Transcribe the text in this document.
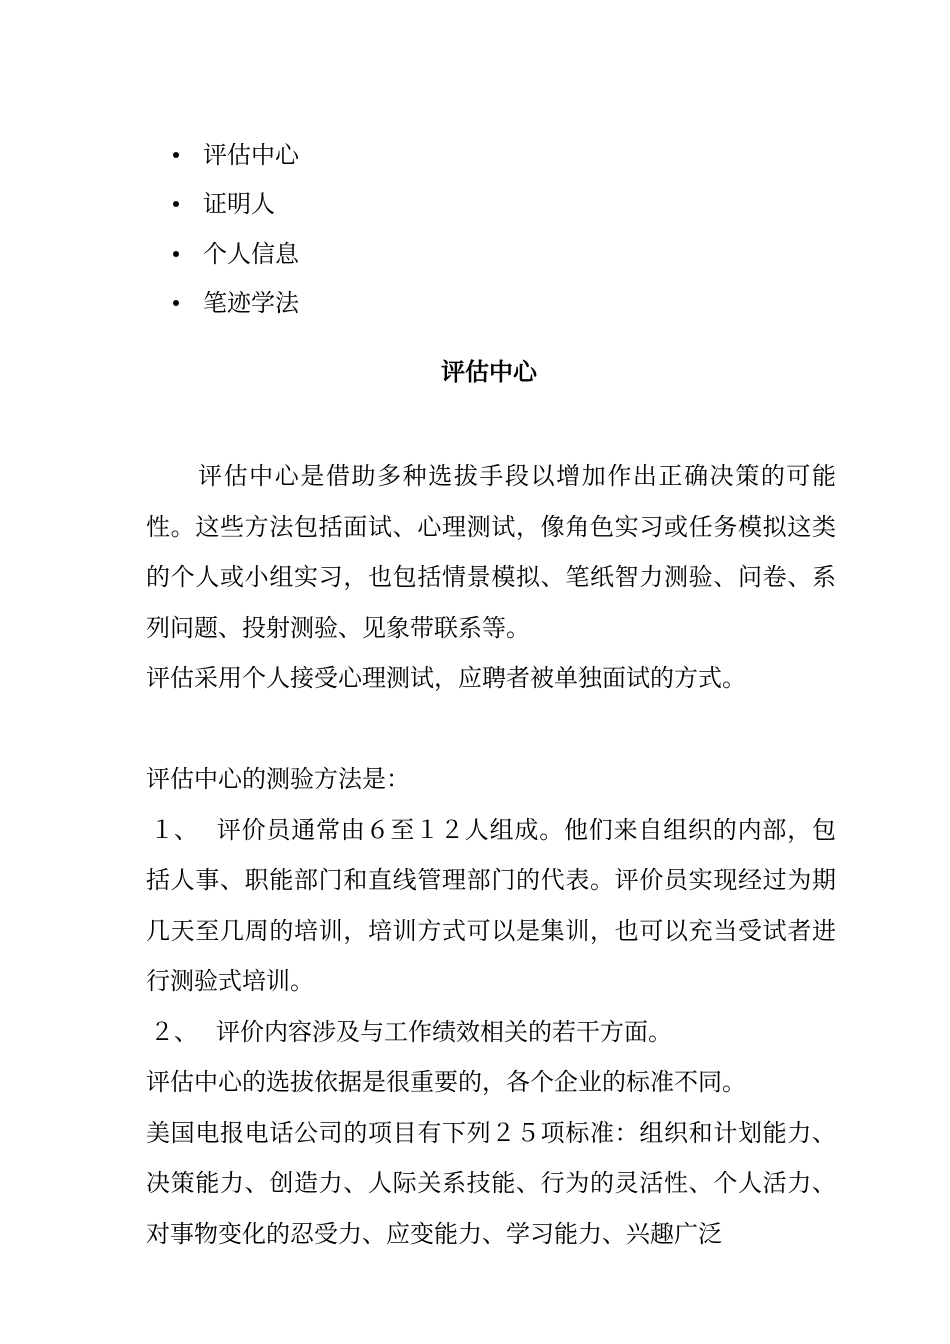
评估中心
证明人
个人信息
笔迹学法
评估中心

评估中心是借助多种选拔手段以增加作出正确决策的可能性。这些方法包括面试、心理测试，像角色实习或任务模拟这类的个人或小组实习，也包括情景模拟、笔纸智力测验、问卷、系列问题、投射测验、见象带联系等。

评估采用个人接受心理测试，应聘者被单独面试的方式。

评估中心的测验方法是：

１、 评价员通常由６至１２人组成。他们来自组织的内部，包括人事、职能部门和直线管理部门的代表。评价员实现经过为期几天至几周的培训，培训方式可以是集训，也可以充当受试者进行测验式培训。

２、 评价内容涉及与工作绩效相关的若干方面。

评估中心的选拔依据是很重要的，各个企业的标准不同。

美国电报电话公司的项目有下列２５项标准：组织和计划能力、决策能力、创造力、人际关系技能、行为的灵活性、个人活力、对事物变化的忍受力、应变能力、学习能力、兴趣广泛
